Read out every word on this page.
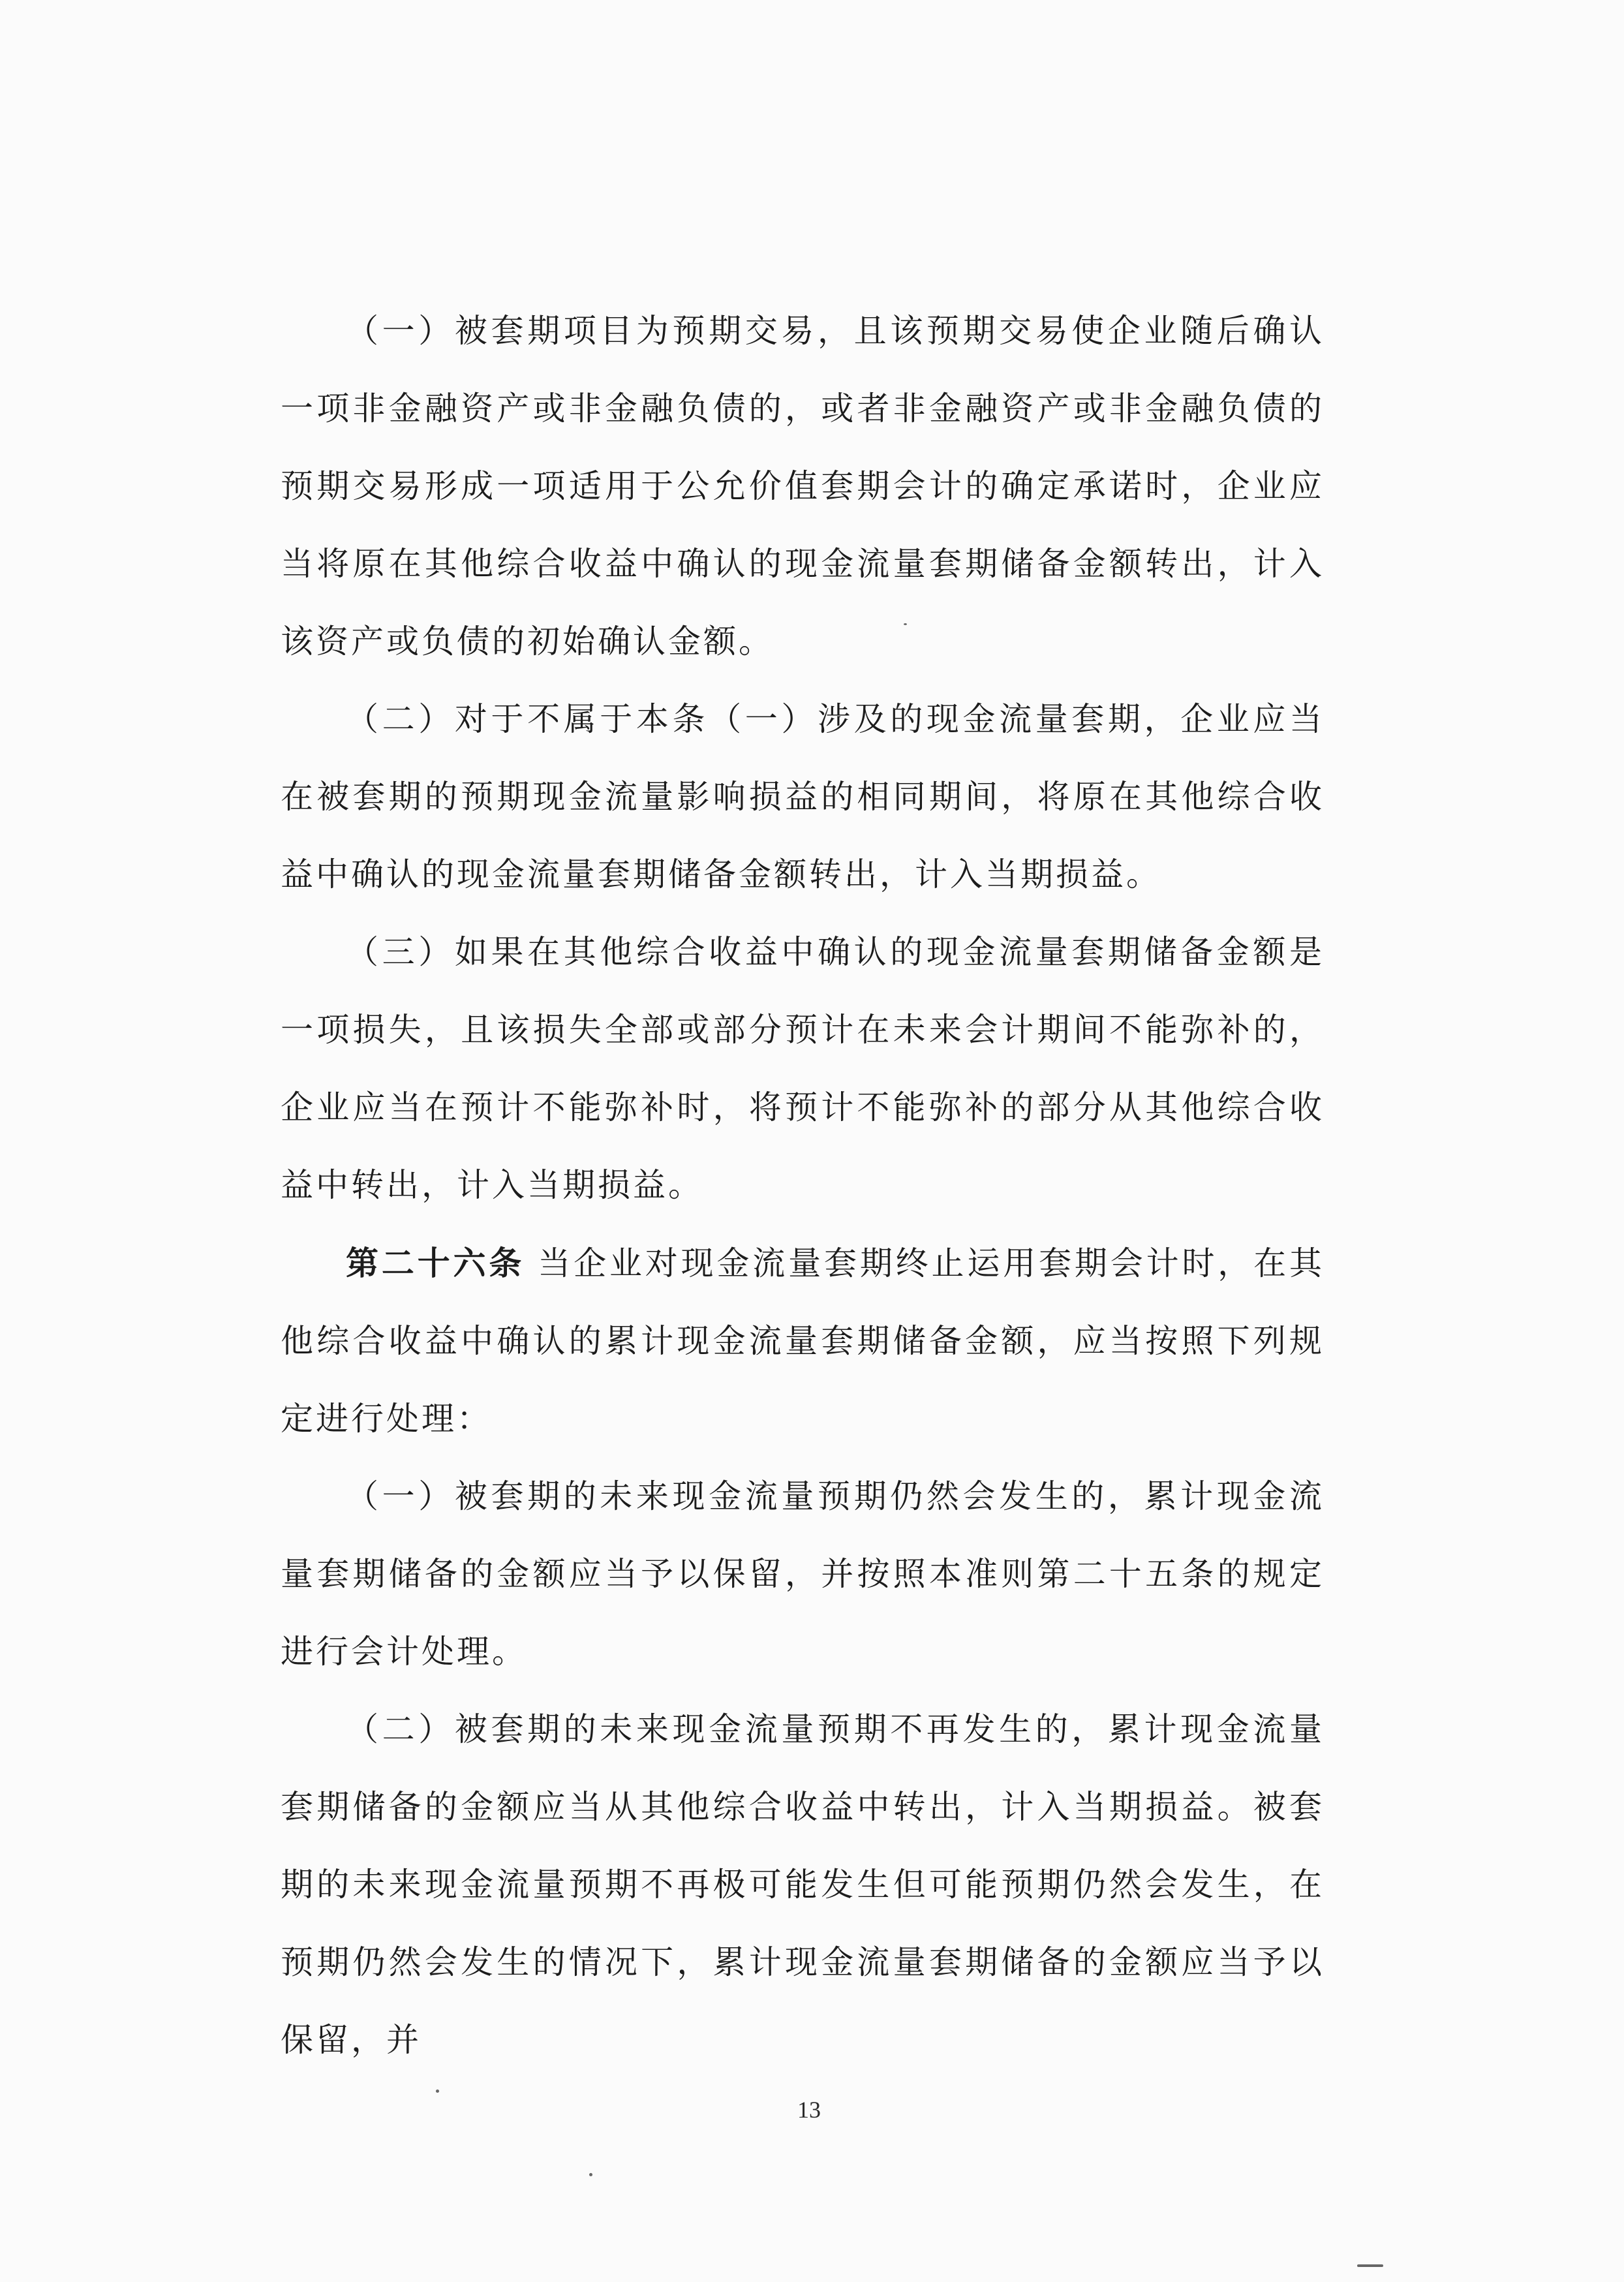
（一）被套期项目为预期交易，且该预期交易使企业随后确认一项非金融资产或非金融负债的，或者非金融资产或非金融负债的预期交易形成一项适用于公允价值套期会计的确定承诺时，企业应当将原在其他综合收益中确认的现金流量套期储备金额转出，计入该资产或负债的初始确认金额。

（二）对于不属于本条（一）涉及的现金流量套期，企业应当在被套期的预期现金流量影响损益的相同期间，将原在其他综合收益中确认的现金流量套期储备金额转出，计入当期损益。

（三）如果在其他综合收益中确认的现金流量套期储备金额是一项损失，且该损失全部或部分预计在未来会计期间不能弥补的，企业应当在预计不能弥补时，将预计不能弥补的部分从其他综合收益中转出，计入当期损益。

第二十六条 当企业对现金流量套期终止运用套期会计时，在其他综合收益中确认的累计现金流量套期储备金额，应当按照下列规定进行处理：

（一）被套期的未来现金流量预期仍然会发生的，累计现金流量套期储备的金额应当予以保留，并按照本准则第二十五条的规定进行会计处理。

（二）被套期的未来现金流量预期不再发生的，累计现金流量套期储备的金额应当从其他综合收益中转出，计入当期损益。被套期的未来现金流量预期不再极可能发生但可能预期仍然会发生，在预期仍然会发生的情况下，累计现金流量套期储备的金额应当予以保留，并

13
